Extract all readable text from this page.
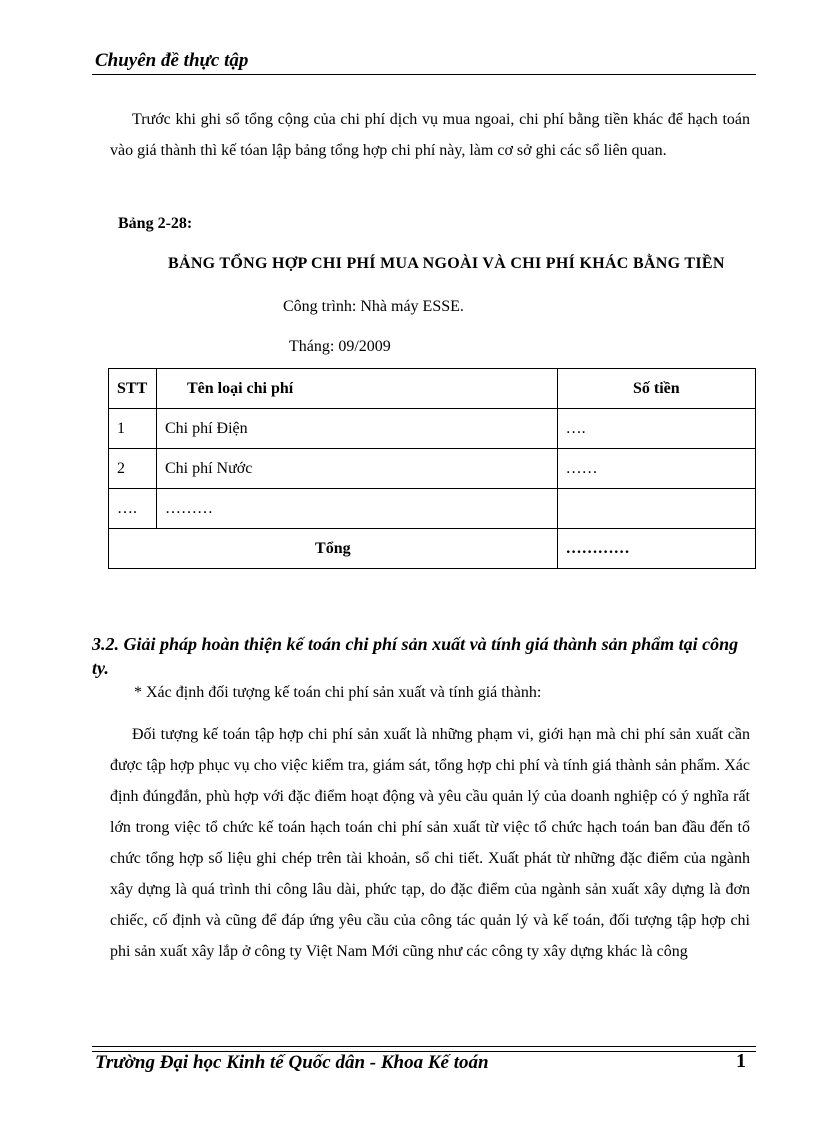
Chuyên đề thực tập

Trước khi ghi sổ tổng cộng của chi phí dịch vụ mua ngoai, chi phí bằng tiền khác để hạch toán vào giá thành thì kế tóan lập bảng tổng hợp chi phí này, làm cơ sở ghi các sổ liên quan.

Bảng 2-28:
BẢNG TỔNG HỢP CHI PHÍ MUA NGOÀI VÀ CHI PHÍ KHÁC BẰNG TIỀN
Công trình: Nhà máy ESSE.
Tháng: 09/2009
STT	Tên loại chi phí	Số tiền
1	Chi phí Điện	….
2	Chi phí Nước	……
….	………	
Tổng		…………
3.2. Giải pháp hoàn thiện kế toán chi phí sản xuất và tính giá thành sản phẩm tại công ty.
* Xác định đối tượng kế toán chi phí sản xuất và tính giá thành:

Đối tượng kế toán tập hợp chi phí sản xuất là những phạm vi, giới hạn mà chi phí sản xuất cần được tập hợp phục vụ cho việc kiểm tra, giám sát, tổng hợp chi phí và tính giá thành sản phẩm. Xác định đúngđắn, phù hợp với đặc điểm hoạt động và yêu cầu quản lý của doanh nghiệp có ý nghĩa rất lớn trong việc tổ chức kế toán hạch toán chi phí sản xuất từ việc tổ chức hạch toán ban đầu đến tổ chức tổng hợp số liệu ghi chép trên tài khoản, sổ chi tiết. Xuất phát từ những đặc điểm của ngành xây dựng là quá trình thi công lâu dài, phức tạp, do đặc điểm của ngành sản xuất xây dựng là đơn chiếc, cố định và cũng để đáp ứng yêu cầu của công tác quản lý và kế toán, đối tượng tập hợp chi phi sản xuất xây lắp ở công ty Việt Nam Mới cũng như các công ty xây dựng khác là công

Trường Đại học Kinh tế Quốc dân - Khoa Kế toán	1
